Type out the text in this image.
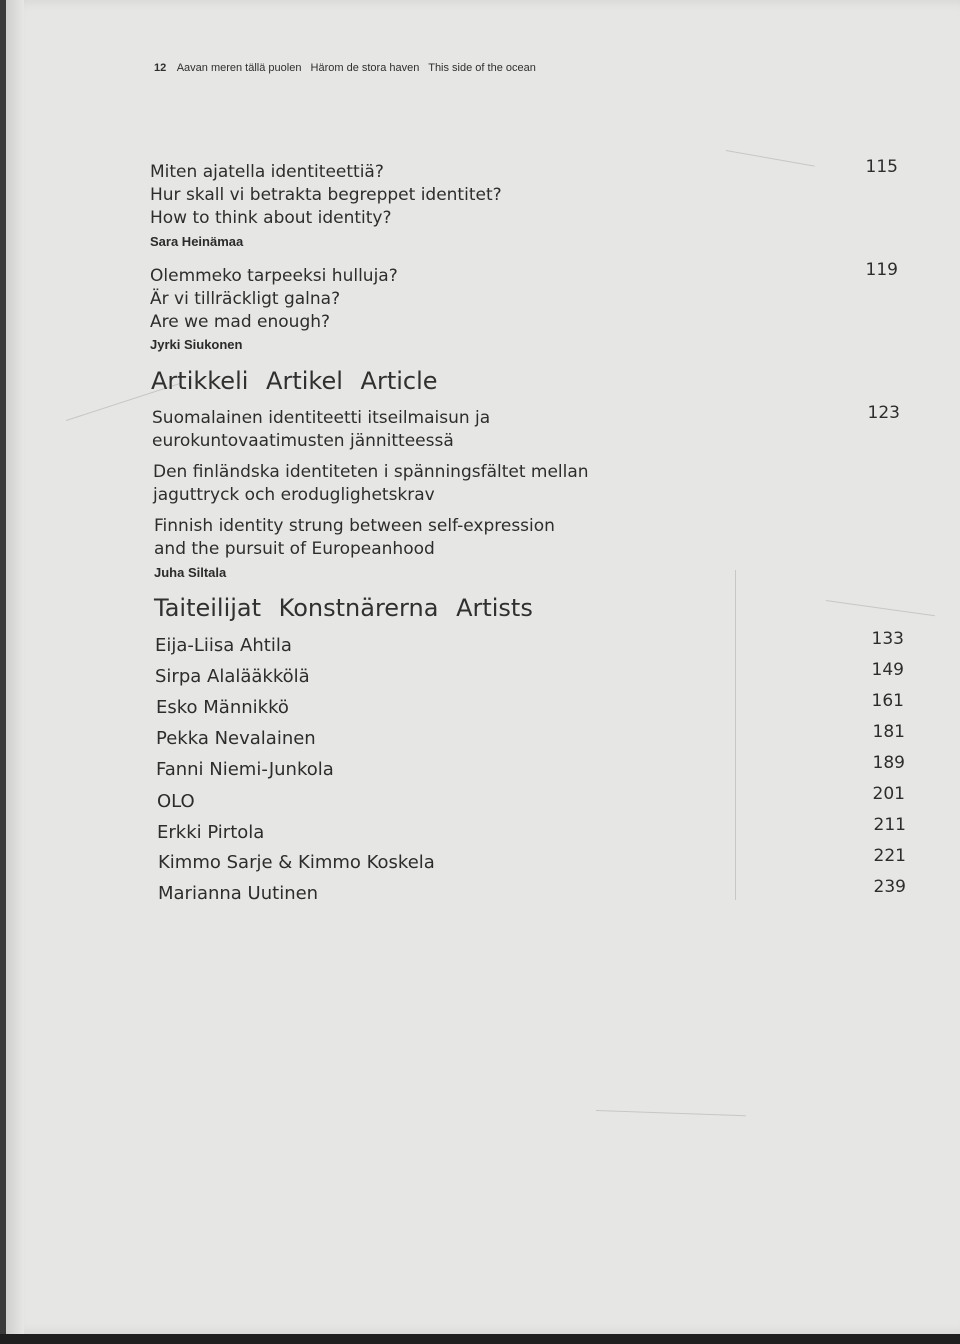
12 Aavan meren tällä puolen Härom de stora haven This side of the ocean
Miten ajatella identiteettiä?
Hur skall vi betrakta begreppet identitet?
How to think about identity?
Sara Heinämaa
115
Olemmeko tarpeeksi hulluja?
Är vi tillräckligt galna?
Are we mad enough?
Jyrki Siukonen
119
Artikkeli Artikel Article
Suomalainen identiteetti itseilmaisun ja
eurokuntovaatimusten jännitteessä
Den finländska identiteten i spänningsfältet mellan
jaguttryck och eroduglighetskrav
Finnish identity strung between self-expression
and the pursuit of Europeanhood
Juha Siltala
123
Taiteilijat Konstnärerna Artists
Eija-Liisa Ahtila	133
Sirpa Alalääkkölä	149
Esko Männikkö	161
Pekka Nevalainen	181
Fanni Niemi-Junkola	189
OLO	201
Erkki Pirtola	211
Kimmo Sarje & Kimmo Koskela	221
Marianna Uutinen	239
